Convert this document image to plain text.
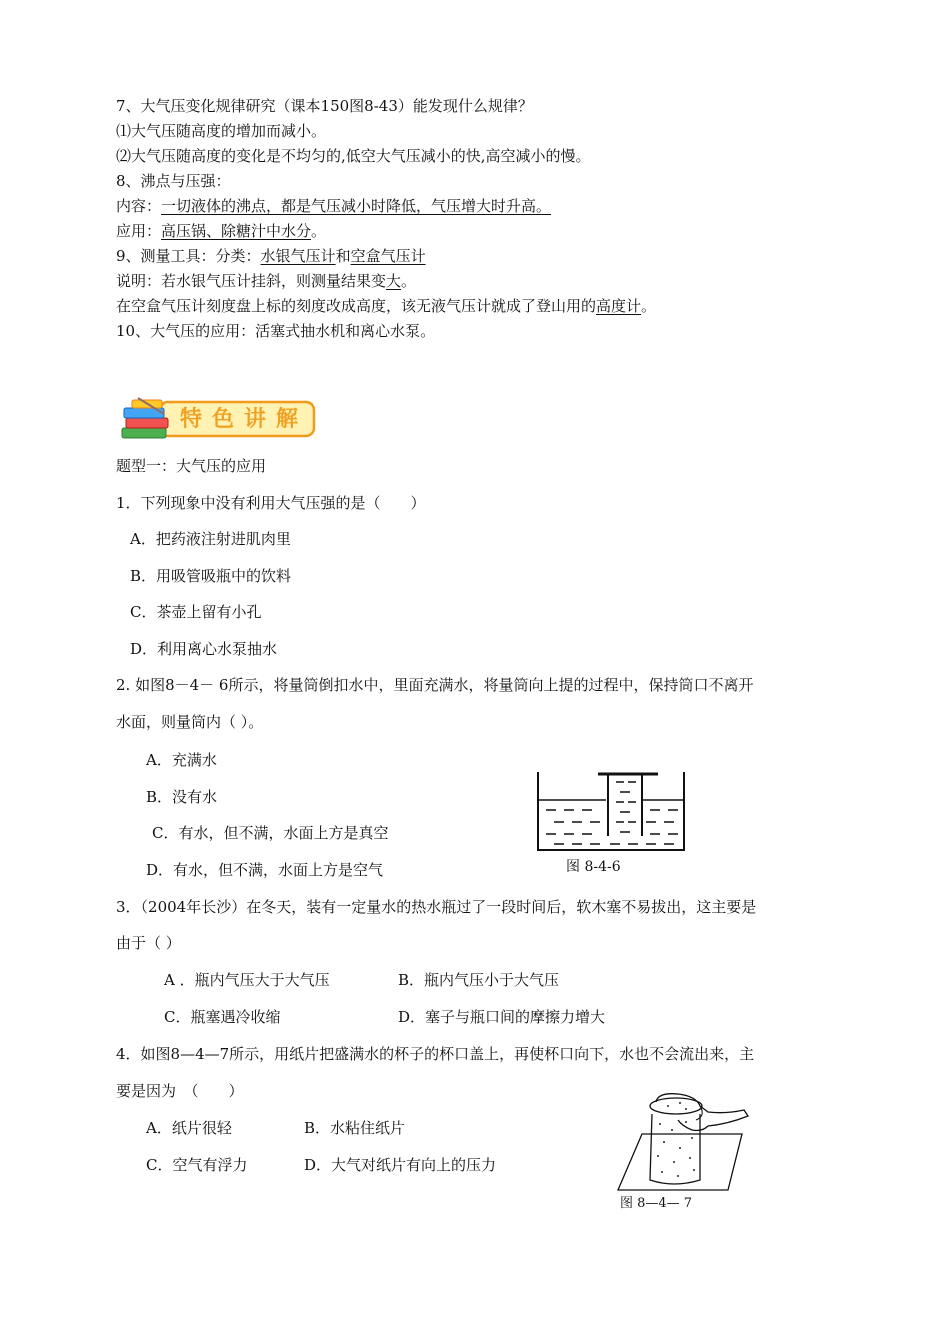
7、大气压变化规律研究（课本150图8-43）能发现什么规律？
⑴大气压随高度的增加而减小。
⑵大气压随高度的变化是不均匀的,低空大气压减小的快,高空减小的慢。
8、沸点与压强：
内容：一切液体的沸点，都是气压减小时降低，气压增大时升高。
应用：高压锅、除糖汁中水分。
9、测量工具：分类：水银气压计和空盒气压计
说明：若水银气压计挂斜，则测量结果变大。
在空盒气压计刻度盘上标的刻度改成高度，该无液气压计就成了登山用的高度计。
10、大气压的应用：活塞式抽水机和离心水泵。
特色讲解
题型一：大气压的应用
1．下列现象中没有利用大气压强的是（　　）
A．把药液注射进肌肉里
B．用吸管吸瓶中的饮料
C．茶壶上留有小孔
D．利用离心水泵抽水
2. 如图8－4－ 6所示，将量筒倒扣水中，里面充满水，将量筒向上提的过程中，保持筒口不离开
水面，则量筒内（ ）。
A．充满水
B．没有水
C．有水，但不满，水面上方是真空
D．有水，但不满，水面上方是空气	图 8-4-6
3．（2004年长沙）在冬天，装有一定量水的热水瓶过了一段时间后，软木塞不易拔出，这主要是
由于（ ）
A ．瓶内气压大于大气压	B．瓶内气压小于大气压
C．瓶塞遇冷收缩	D．塞子与瓶口间的摩擦力增大
4．如图8—4—7所示，用纸片把盛满水的杯子的杯口盖上，再使杯口向下，水也不会流出来，主
要是因为　（　　）
A．纸片很轻	B．水粘住纸片
C．空气有浮力	D．大气对纸片有向上的压力
图 8—4— 7
